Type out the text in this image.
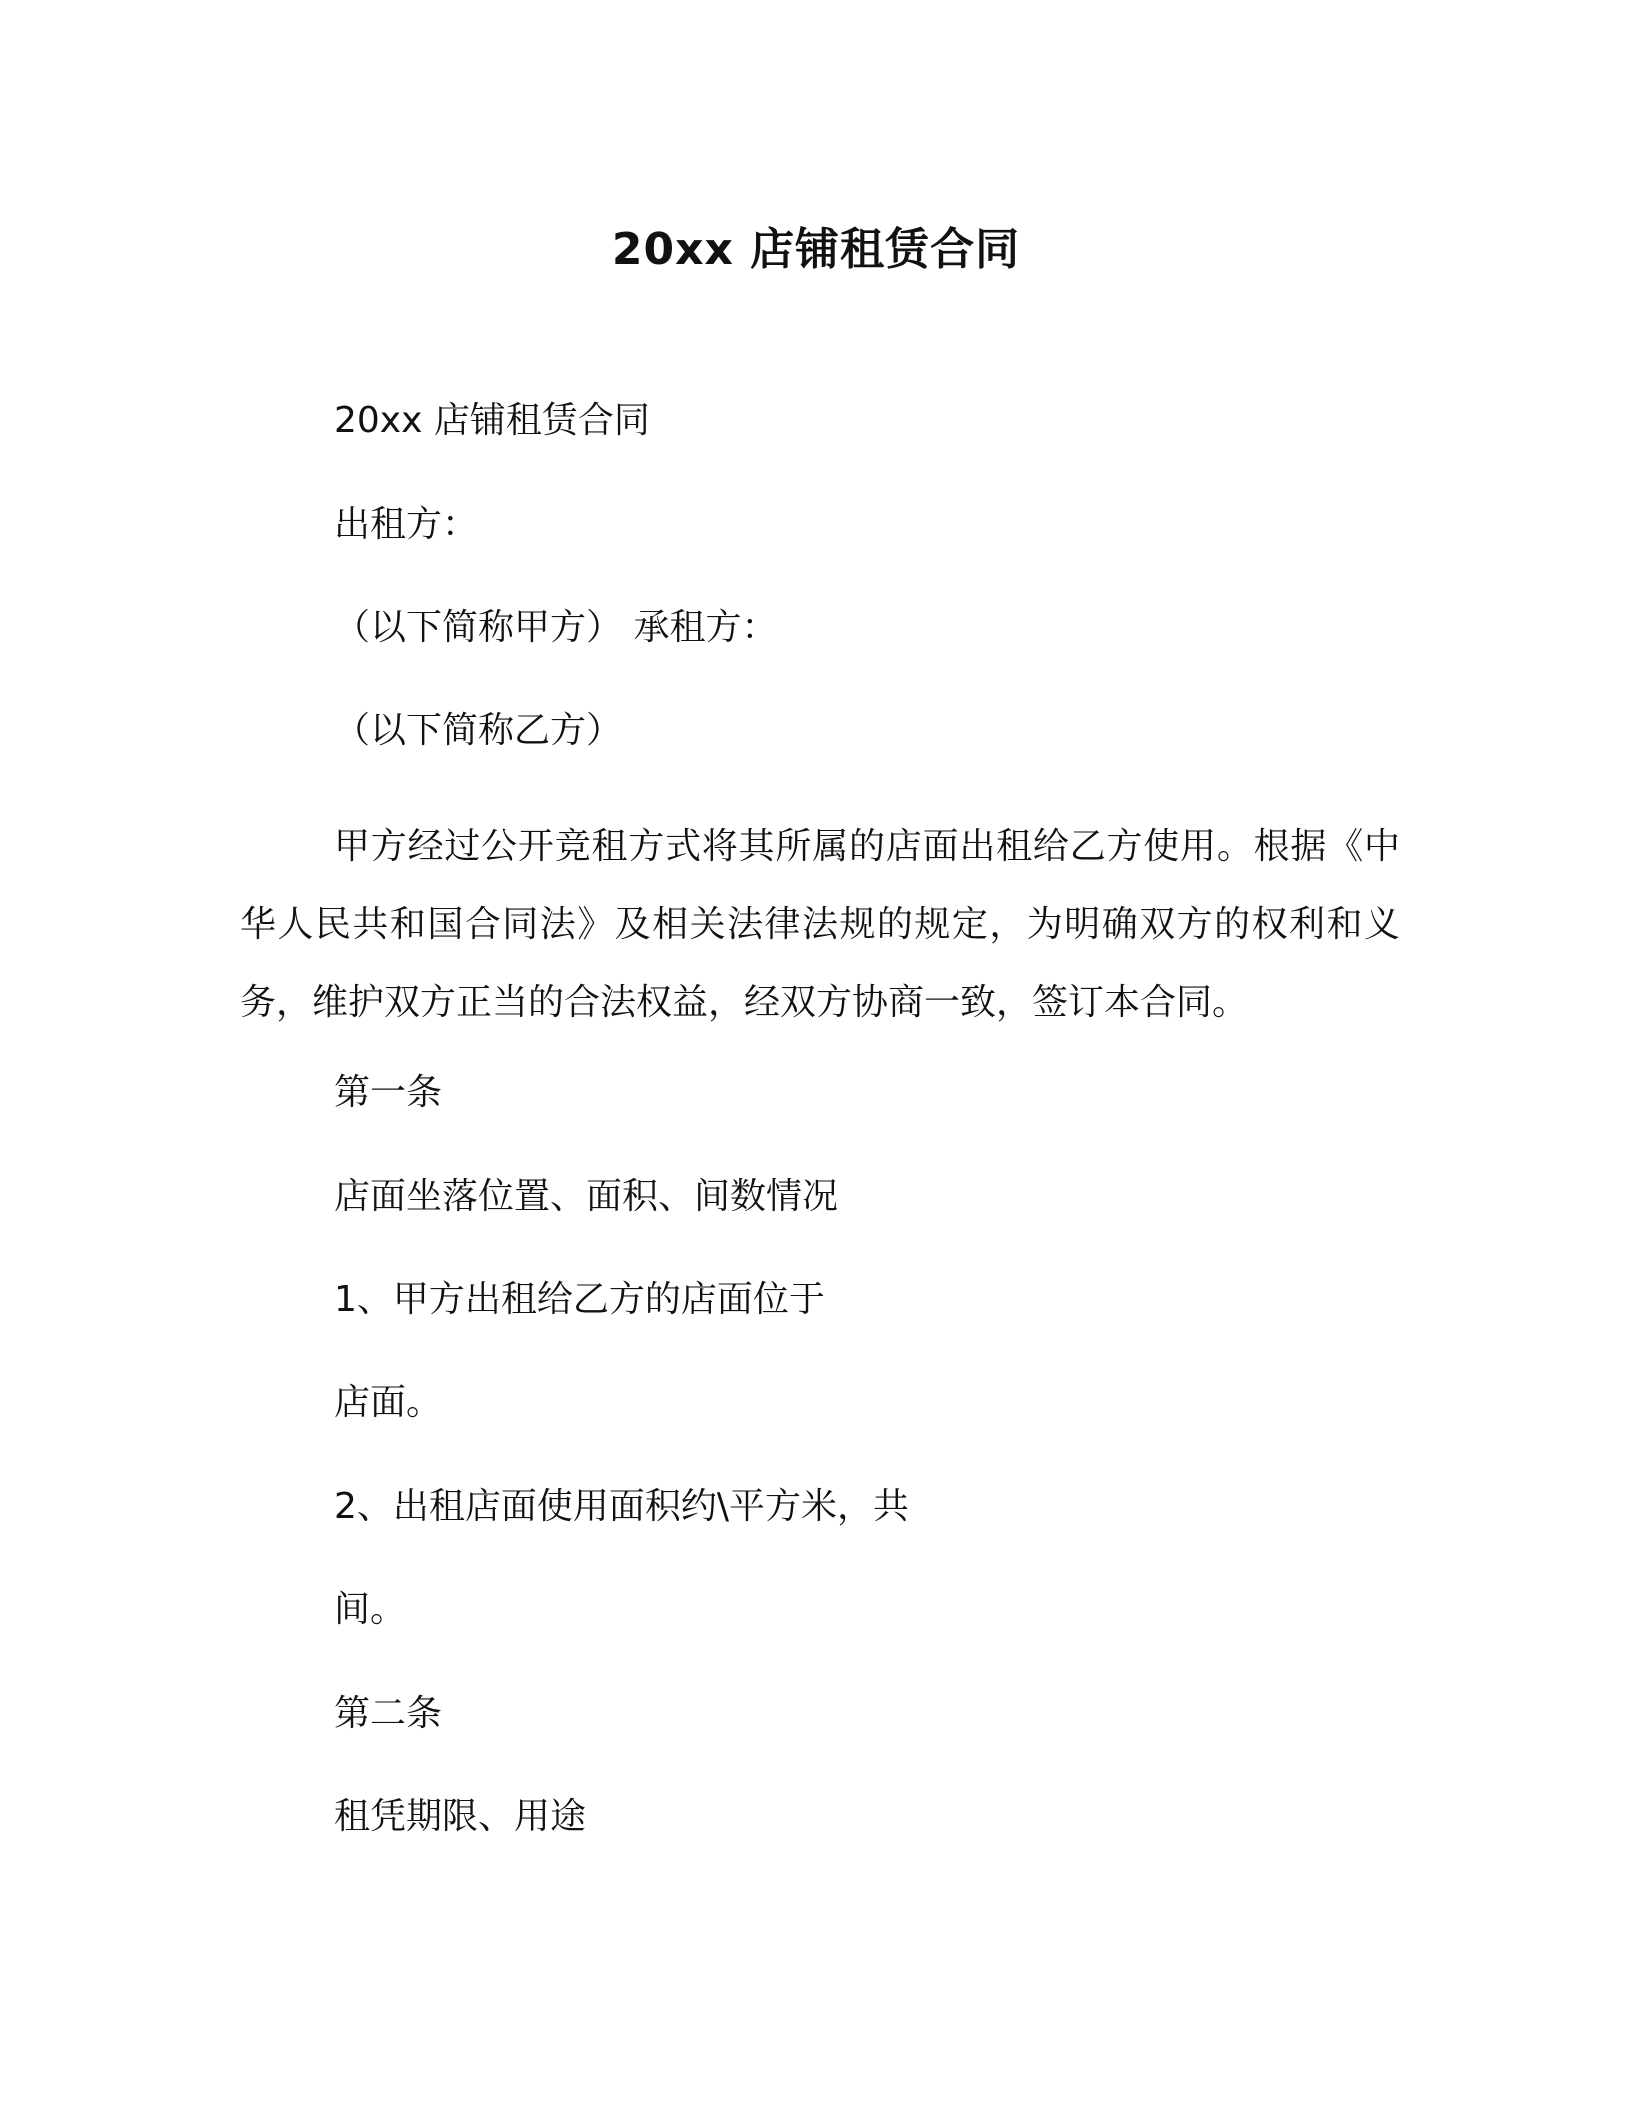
20xx 店铺租赁合同
20xx 店铺租赁合同
出租方：
（以下简称甲方） 承租方：
（以下简称乙方）
甲方经过公开竞租方式将其所属的店面出租给乙方使用。根据《中华人民共和国合同法》及相关法律法规的规定，为明确双方的权利和义务，维护双方正当的合法权益，经双方协商一致，签订本合同。
第一条
店面坐落位置、面积、间数情况
1、甲方出租给乙方的店面位于
店面。
2、出租店面使用面积约\平方米，共
间。
第二条
租凭期限、用途
